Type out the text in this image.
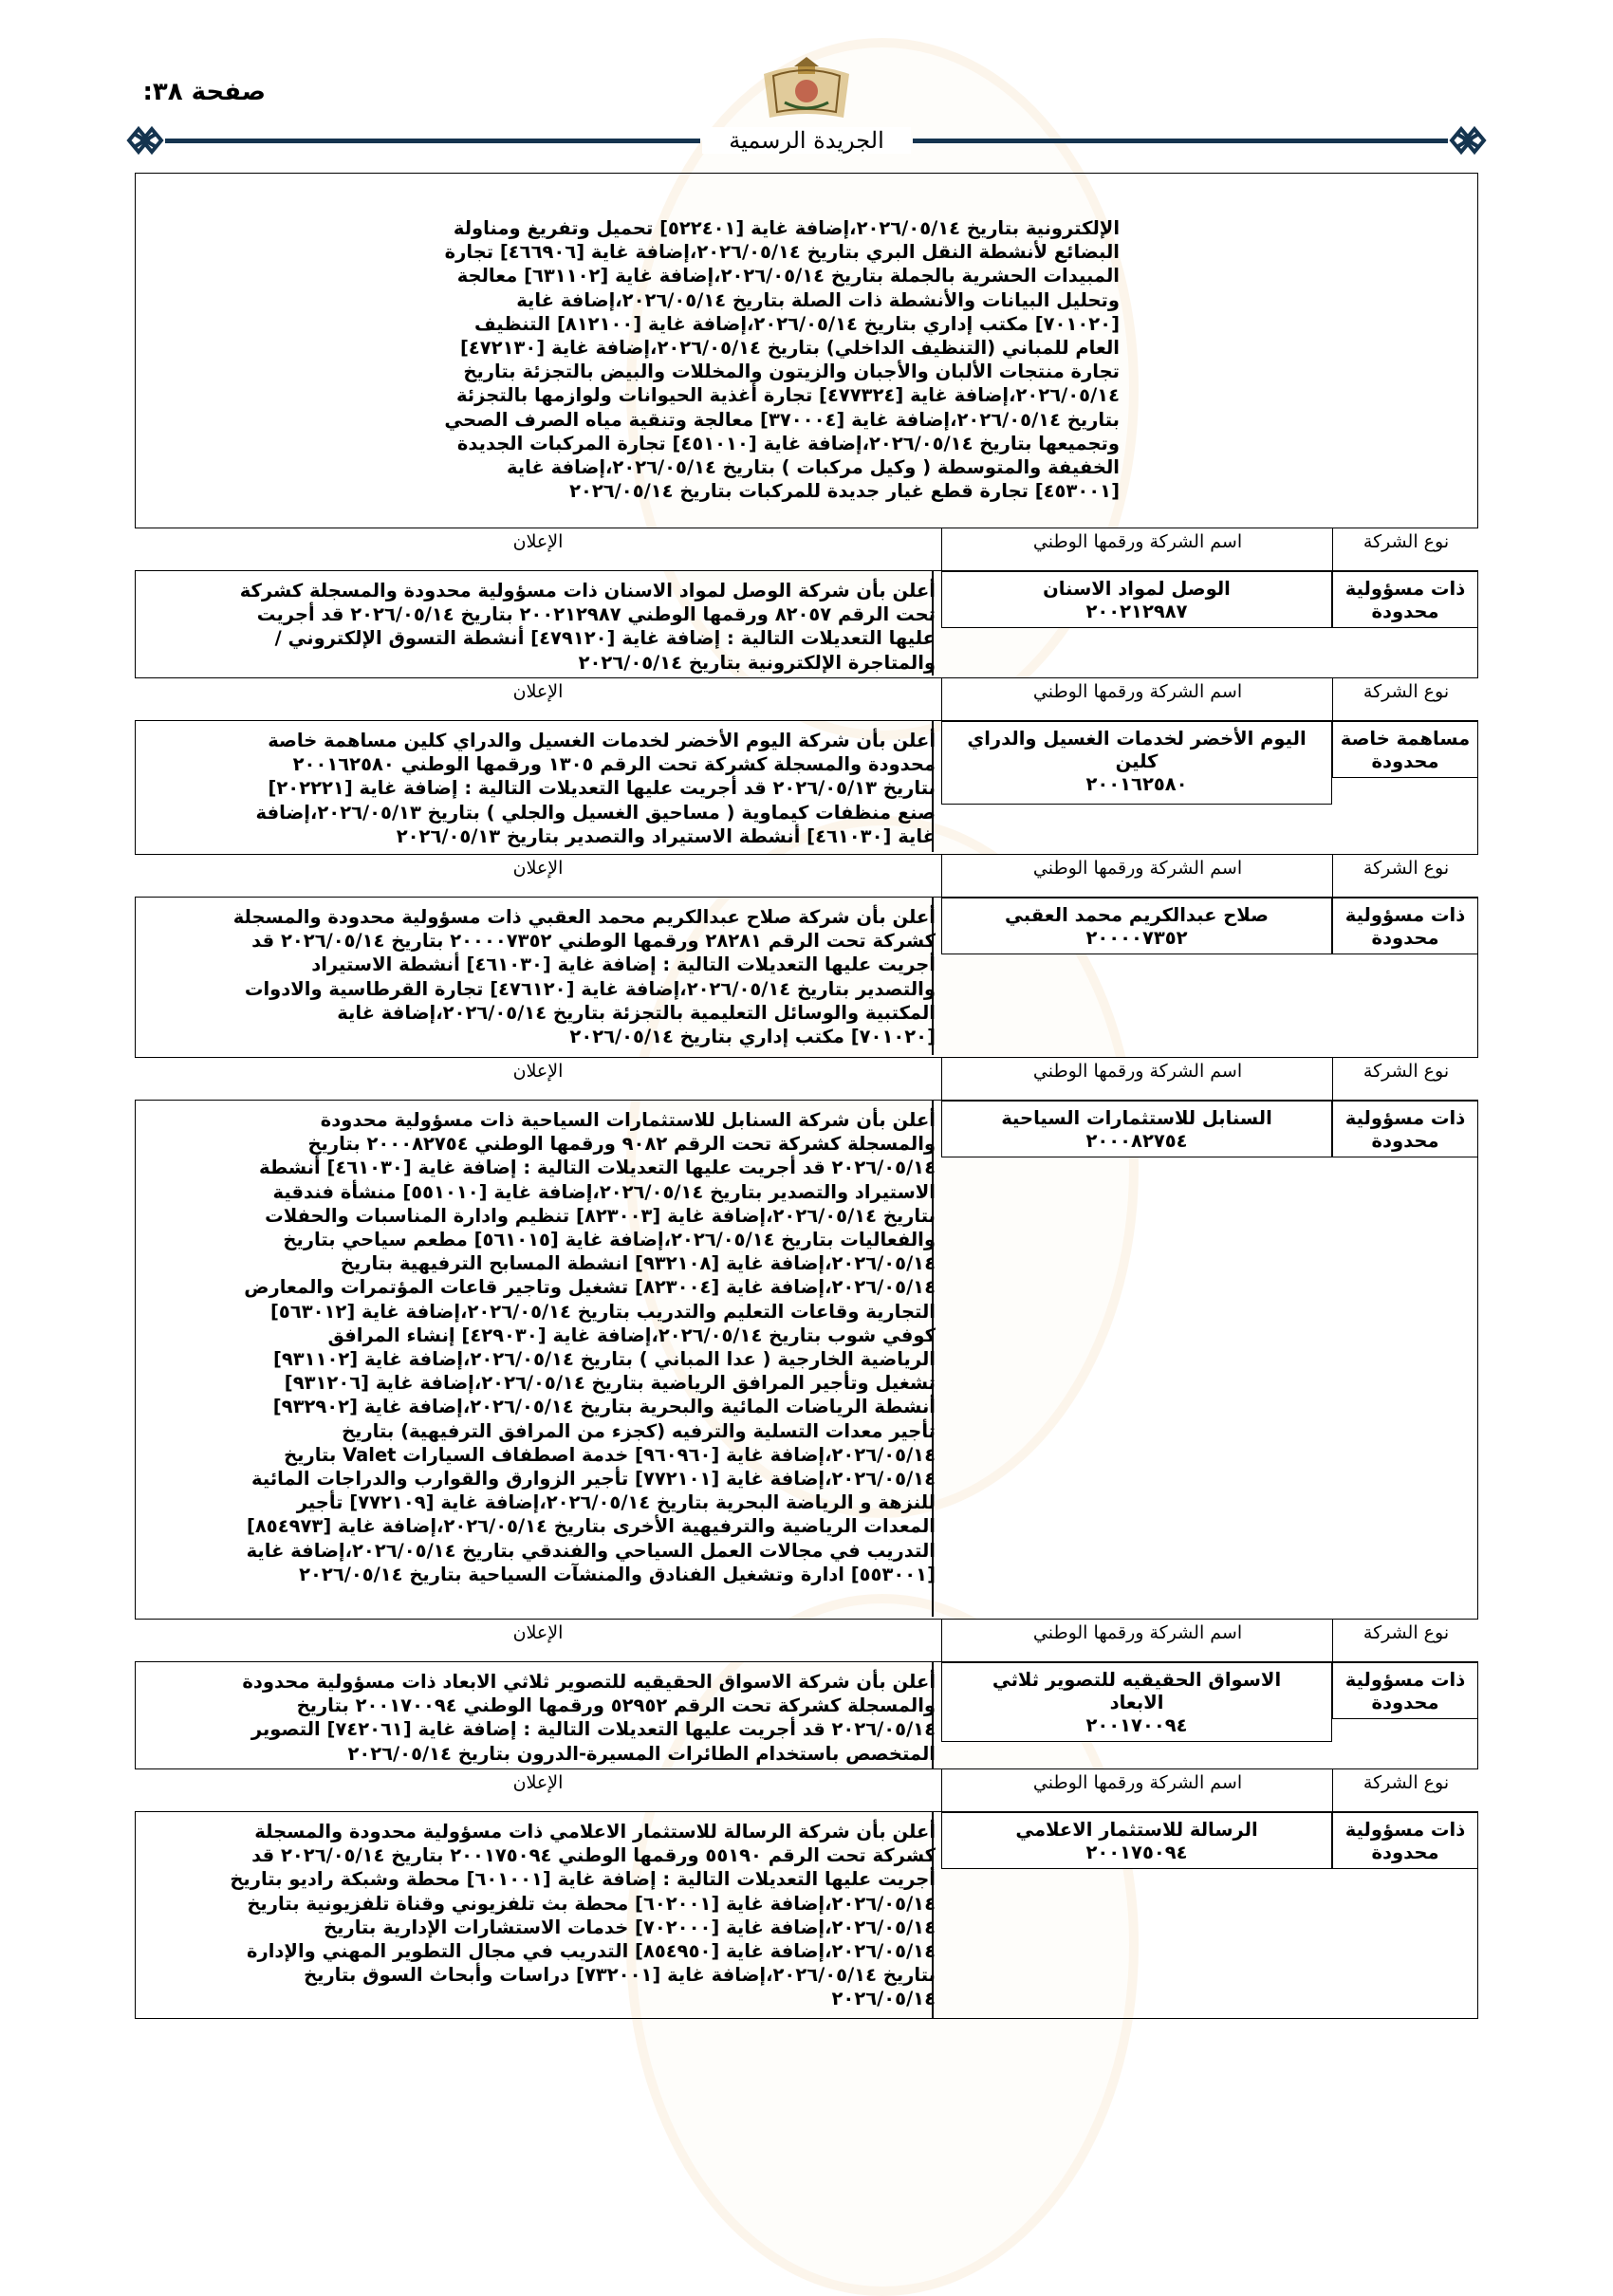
صفحة ٣٨:
الجريدة الرسمية
الإلكترونية بتاريخ ٢٠٢٦/٠٥/١٤،إضافة غاية [٥٢٢٤٠١] تحميل وتفريغ ومناولة
البضائع لأنشطة النقل البري بتاريخ ٢٠٢٦/٠٥/١٤،إضافة غاية [٤٦٦٩٠٦] تجارة
المبيدات الحشرية بالجملة بتاريخ ٢٠٢٦/٠٥/١٤،إضافة غاية [٦٣١١٠٢] معالجة
وتحليل البيانات والأنشطة ذات الصلة بتاريخ ٢٠٢٦/٠٥/١٤،إضافة غاية
[٧٠١٠٢٠] مكتب إداري بتاريخ ٢٠٢٦/٠٥/١٤،إضافة غاية [٨١٢١٠٠] التنظيف
العام للمباني (التنظيف الداخلي) بتاريخ ٢٠٢٦/٠٥/١٤،إضافة غاية [٤٧٢١٣٠]
تجارة منتجات الألبان والأجبان والزيتون والمخللات والبيض بالتجزئة بتاريخ
٢٠٢٦/٠٥/١٤،إضافة غاية [٤٧٧٣٢٤] تجارة أغذية الحيوانات ولوازمها بالتجزئة
بتاريخ ٢٠٢٦/٠٥/١٤،إضافة غاية [٣٧٠٠٠٤] معالجة وتنقية مياه الصرف الصحي
وتجميعها بتاريخ ٢٠٢٦/٠٥/١٤،إضافة غاية [٤٥١٠١٠] تجارة المركبات الجديدة
الخفيفة والمتوسطة ( وكيل مركبات ) بتاريخ ٢٠٢٦/٠٥/١٤،إضافة غاية
[٤٥٣٠٠١] تجارة قطع غيار جديدة للمركبات بتاريخ ٢٠٢٦/٠٥/١٤
نوع الشركة
اسم الشركة ورقمها الوطني
الإعلان
ذات مسؤولية
محدودة
الوصل لمواد الاسنان
٢٠٠٢١٢٩٨٧
أعلن بأن شركة الوصل لمواد الاسنان ذات مسؤولية محدودة والمسجلة كشركة
تحت الرقم ٨٢٠٥٧ ورقمها الوطني ٢٠٠٢١٢٩٨٧ بتاريخ ٢٠٢٦/٠٥/١٤ قد أجريت
عليها التعديلات التالية : إضافة غاية [٤٧٩١٢٠] أنشطة التسوق الإلكتروني /
والمتاجرة الإلكترونية بتاريخ ٢٠٢٦/٠٥/١٤
نوع الشركة
اسم الشركة ورقمها الوطني
الإعلان
مساهمة خاصة
محدودة
اليوم الأخضر لخدمات الغسيل والدراي
كلين
٢٠٠١٦٢٥٨٠
أعلن بأن شركة اليوم الأخضر لخدمات الغسيل والدراي كلين مساهمة خاصة
محدودة والمسجلة كشركة تحت الرقم ١٣٠٥ ورقمها الوطني ٢٠٠١٦٢٥٨٠
بتاريخ ٢٠٢٦/٠٥/١٣ قد أجريت عليها التعديلات التالية : إضافة غاية [٢٠٢٢٢١]
صنع منظفات كيماوية ( مساحيق الغسيل والجلي ) بتاريخ ٢٠٢٦/٠٥/١٣،إضافة
غاية [٤٦١٠٣٠] أنشطة الاستيراد والتصدير بتاريخ ٢٠٢٦/٠٥/١٣
نوع الشركة
اسم الشركة ورقمها الوطني
الإعلان
ذات مسؤولية
محدودة
صلاح عبدالكريم محمد العقبي
٢٠٠٠٠٧٣٥٢
أعلن بأن شركة صلاح عبدالكريم محمد العقبي ذات مسؤولية محدودة والمسجلة
كشركة تحت الرقم ٢٨٢٨١ ورقمها الوطني ٢٠٠٠٠٧٣٥٢ بتاريخ ٢٠٢٦/٠٥/١٤ قد
أجريت عليها التعديلات التالية : إضافة غاية [٤٦١٠٣٠] أنشطة الاستيراد
والتصدير بتاريخ ٢٠٢٦/٠٥/١٤،إضافة غاية [٤٧٦١٢٠] تجارة القرطاسية والادوات
المكتبية والوسائل التعليمية بالتجزئة بتاريخ ٢٠٢٦/٠٥/١٤،إضافة غاية
[٧٠١٠٢٠] مكتب إداري بتاريخ ٢٠٢٦/٠٥/١٤
نوع الشركة
اسم الشركة ورقمها الوطني
الإعلان
ذات مسؤولية
محدودة
السنابل للاستثمارات السياحية
٢٠٠٠٨٢٧٥٤
أعلن بأن شركة السنابل للاستثمارات السياحية ذات مسؤولية محدودة
والمسجلة كشركة تحت الرقم ٩٠٨٢ ورقمها الوطني ٢٠٠٠٨٢٧٥٤ بتاريخ
٢٠٢٦/٠٥/١٤ قد أجريت عليها التعديلات التالية : إضافة غاية [٤٦١٠٣٠] أنشطة
الاستيراد والتصدير بتاريخ ٢٠٢٦/٠٥/١٤،إضافة غاية [٥٥١٠١٠] منشأة فندقية
بتاريخ ٢٠٢٦/٠٥/١٤،إضافة غاية [٨٢٣٠٠٣] تنظيم وادارة المناسبات والحفلات
والفعاليات بتاريخ ٢٠٢٦/٠٥/١٤،إضافة غاية [٥٦١٠١٥] مطعم سياحي بتاريخ
٢٠٢٦/٠٥/١٤،إضافة غاية [٩٣٢١٠٨] انشطة المسابح الترفيهية بتاريخ
٢٠٢٦/٠٥/١٤،إضافة غاية [٨٢٣٠٠٤] تشغيل وتاجير قاعات المؤتمرات والمعارض
التجارية وقاعات التعليم والتدريب بتاريخ ٢٠٢٦/٠٥/١٤،إضافة غاية [٥٦٣٠١٢]
كوفي شوب بتاريخ ٢٠٢٦/٠٥/١٤،إضافة غاية [٤٢٩٠٣٠] إنشاء المرافق
الرياضية الخارجية ( عدا المباني ) بتاريخ ٢٠٢٦/٠٥/١٤،إضافة غاية [٩٣١١٠٢]
تشغيل وتأجير المرافق الرياضية بتاريخ ٢٠٢٦/٠٥/١٤،إضافة غاية [٩٣١٢٠٦]
أنشطة الرياضات المائية والبحرية بتاريخ ٢٠٢٦/٠٥/١٤،إضافة غاية [٩٣٢٩٠٢]
تأجير معدات التسلية والترفيه (كجزء من المرافق الترفيهية) بتاريخ
٢٠٢٦/٠٥/١٤،إضافة غاية [٩٦٠٩٦٠] خدمة اصطفاف السيارات Valet بتاريخ
٢٠٢٦/٠٥/١٤،إضافة غاية [٧٧٢١٠١] تأجير الزوارق والقوارب والدراجات المائية
للنزهة و الرياضة البحرية بتاريخ ٢٠٢٦/٠٥/١٤،إضافة غاية [٧٧٢١٠٩] تأجير
المعدات الرياضية والترفيهية الأخرى بتاريخ ٢٠٢٦/٠٥/١٤،إضافة غاية [٨٥٤٩٧٣]
التدريب في مجالات العمل السياحي والفندقي بتاريخ ٢٠٢٦/٠٥/١٤،إضافة غاية
[٥٥٣٠٠١] ادارة وتشغيل الفنادق والمنشآت السياحية بتاريخ ٢٠٢٦/٠٥/١٤
نوع الشركة
اسم الشركة ورقمها الوطني
الإعلان
ذات مسؤولية
محدودة
الاسواق الحقيقيه للتصوير ثلاثي
الابعاد
٢٠٠١٧٠٠٩٤
أعلن بأن شركة الاسواق الحقيقيه للتصوير ثلاثي الابعاد ذات مسؤولية محدودة
والمسجلة كشركة تحت الرقم ٥٢٩٥٢ ورقمها الوطني ٢٠٠١٧٠٠٩٤ بتاريخ
٢٠٢٦/٠٥/١٤ قد أجريت عليها التعديلات التالية : إضافة غاية [٧٤٢٠٦١] التصوير
المتخصص باستخدام الطائرات المسيرة-الدرون بتاريخ ٢٠٢٦/٠٥/١٤
نوع الشركة
اسم الشركة ورقمها الوطني
الإعلان
ذات مسؤولية
محدودة
الرسالة للاستثمار الاعلامي
٢٠٠١٧٥٠٩٤
أعلن بأن شركة الرسالة للاستثمار الاعلامي ذات مسؤولية محدودة والمسجلة
كشركة تحت الرقم ٥٥١٩٠ ورقمها الوطني ٢٠٠١٧٥٠٩٤ بتاريخ ٢٠٢٦/٠٥/١٤ قد
أجريت عليها التعديلات التالية : إضافة غاية [٦٠١٠٠١] محطة وشبكة راديو بتاريخ
٢٠٢٦/٠٥/١٤،إضافة غاية [٦٠٢٠٠١] محطة بث تلفزيوني وقناة تلفزيونية بتاريخ
٢٠٢٦/٠٥/١٤،إضافة غاية [٧٠٢٠٠٠] خدمات الاستشارات الإدارية بتاريخ
٢٠٢٦/٠٥/١٤،إضافة غاية [٨٥٤٩٥٠] التدريب في مجال التطوير المهني والإدارة
بتاريخ ٢٠٢٦/٠٥/١٤،إضافة غاية [٧٣٢٠٠١] دراسات وأبحاث السوق بتاريخ
٢٠٢٦/٠٥/١٤
